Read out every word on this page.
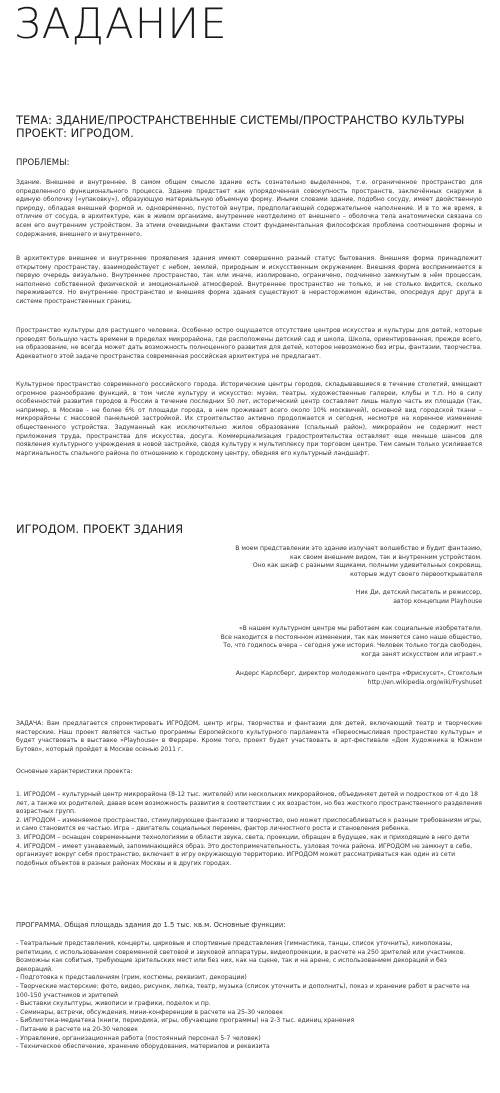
ЗАДАНИЕ
ТЕМА: ЗДАНИЕ/ПРОСТРАНСТВЕННЫЕ СИСТЕМЫ/ПРОСТРАНСТВО КУЛЬТУРЫ
ПРОЕКТ: ИГРОДОМ.
ПРОБЛЕМЫ:
Здание. Внешнее и внутреннее. В самом общем смысле здание есть сознательно выделенное, т.е. ограниченное пространство для определенного функционального процесса. Здание предстает как упорядоченная совокупность пространств, заключённых снаружи в единую оболочку («упаковку»), образующую материальную объемную форму. Иными словами здание, подобно сосуду, имеет двойственную природу, обладая внешней формой и, одновременно, пустотой внутри, предполагающей содержательное наполнение. И в то же время, в отличие от сосуда, в архитектуре, как в живом организме, внутреннее неотделимо от внешнего – оболочка тела анатомически связана со всем его внутренним устройством. За этими очевидными фактами стоит фундаментальная философская проблема соотношения формы и содержания, внешнего и внутреннего.
В архитектуре внешнее и внутреннее проявления здания имеют совершенно разный статус бытования. Внешняя форма принадлежит открытому пространству, взаимодействует с небом, землей, природным и искусственным окружением. Внешняя форма воспринимается в первую очередь визуально. Внутреннее пространство, так или иначе, изолировано, ограничено, подчинено замкнутым в нём процессам, наполнено собственной физической и эмоциональной атмосферой. Внутреннее пространство не только, и не столько видится, сколько переживается. Но внутреннее пространство и внешняя форма здания существуют в нерасторжимом единстве, опосредуя друг друга в системе пространственных границ.
Пространство культуры для растущего человека. Особенно остро ощущается отсутствие центров искусства и культуры для детей, которые проводят большую часть времени в пределах микрорайона, где расположены детский сад и школа. Школа, ориентированная, прежде всего, на образование, не всегда может дать возможность полноценного развития для детей, которое невозможно без игры, фантазии, творчества. Адекватного этой задаче пространства современная российская архитектура не предлагает.
Культурное пространство современного российского города. Исторические центры городов, складывавшиеся в течение столетий, вмещают огромное разнообразие функций, в том числе культуру и искусство: музеи, театры, художественные галереи, клубы и т.п. Но в силу особенностей развития городов в России в течение последних 50 лет, исторический центр составляет лишь малую часть их площади (так, например, в Москве - не более 6% от площади города, в нем проживает всего около 10% москвичей), основной вид городской ткани – микрорайоны с массовой панельной застройкой. Их строительство активно продолжается и сегодня, несмотря на коренное изменение общественного устройства. Задуманный как исключительно жилое образование (спальный район), микрорайон не содержит мест приложения труда, пространства для искусства, досуга. Коммерциализация градостроительства оставляет еще меньше шансов для появления культурного учреждения в новой застройке, сводя культуру к мультиплексу при торговом центре. Тем самым только усиливается маргинальность спального района по отношению к городскому центру, обедняя его культурный ландшафт.
ИГРОДОМ. ПРОЕКТ ЗДАНИЯ
В моем представлении это здание излучает волшебство и будит фантазию,
как своим внешним видом, так и внутренним устройством.
Оно как шкаф с разными ящиками, полными удивительных сокровищ,
которые ждут своего первооткрывателя
Ник Ди, детский писатель и режиссер,
автор концепции Playhouse
«В нашем культурном центре мы работаем как социальные изобретатели.
Все находится в постоянном изменении, так как меняется само наше общество,
То, что годилось вчера – сегодня уже история. Человек только тогда свободен,
когда занят искусством или играет.»
Андерс Карлсберг, директор молодежного центра «Фрисхусет», Стокгольм
http://en.wikipedia.org/wiki/Fryshuset
ЗАДАЧА: Вам предлагается спроектировать ИГРОДОМ, центр игры, творчества и фантазии для детей, включающий театр и творческие мастерские. Наш проект является частью программы Европейского культурного парламента «Переосмысливая пространство культуры» и будет участвовать в выставке «Playhouse» в Ферраре. Кроме того, проект будет участвовать в арт-фестивале «Дом Художника в Южном Бутово», который пройдет в Москве осенью 2011 г.
Основные характеристики проекта:
1. ИГРОДОМ – культурный центр микрорайона (8-12 тыс. жителей) или нескольких микрорайонов, объединяет детей и подростков от 4 до 18 лет, а также их родителей, давая всем возможность развития в соответствии с их возрастом, но без жесткого пространственного разделения возрастных групп.
2. ИГРОДОМ – изменяемое пространство, стимулирующее фантазию и творчество, оно может приспосабливаться к разным требованиям игры, и само становится ее частью. Игра – двигатель социальных перемен, фактор личностного роста и становления ребенка.
3. ИГРОДОМ – оснащен современными технологиями в области звука, света, проекции, обращен в будущее, как и приходящие в него дети
4. ИГРОДОМ – имеет узнаваемый, запоминающийся образ. Это достопримечательность, узловая точка района. ИГРОДОМ не замкнут в себе, организует вокруг себя пространство, включает в игру окружающую территорию. ИГРОДОМ может рассматриваться как один из сети подобных объектов в разных районах Москвы и в других городах.
ПРОГРАММА. Общая площадь здания до 1.5 тыс. кв.м. Основные функции:
- Театральные представления, концерты, цирковые и спортивные представления (гимнастика, танцы, список уточнить), кинопоказы, репетиции, с использованием современной световой и звуковой аппаратуры, видеопроекции, в расчете на 250 зрителей или участников. Возможны как собитыя, требующие зрительских мест или без них, как на сцене, так и на арене, с использованием декораций и без декораций.
- Подготовка к представлениям (грим, костюмы, реквизит, декорации)
- Творческие мастерские: фото, видео, рисунок, лепка, театр, музыка (список уточнить и дополнить), показ и хранение работ в расчете на 100-150 участников и зрителей
- Выставки скульптуры, живописи и графики, поделок и пр.
- Семинары, встречи, обсуждения, мини-конференции в расчете на 25-30 человек
- Библиотека-медиатека (книги, периодика, игры, обучающие программы) на 2-3 тыс. единиц хранения
- Питание в расчете на 20-30 человек
- Управление, организационная работа (постоянный персонал 5-7 человек)
- Техническое обеспечение, хранение оборудования, материалов и реквизита
